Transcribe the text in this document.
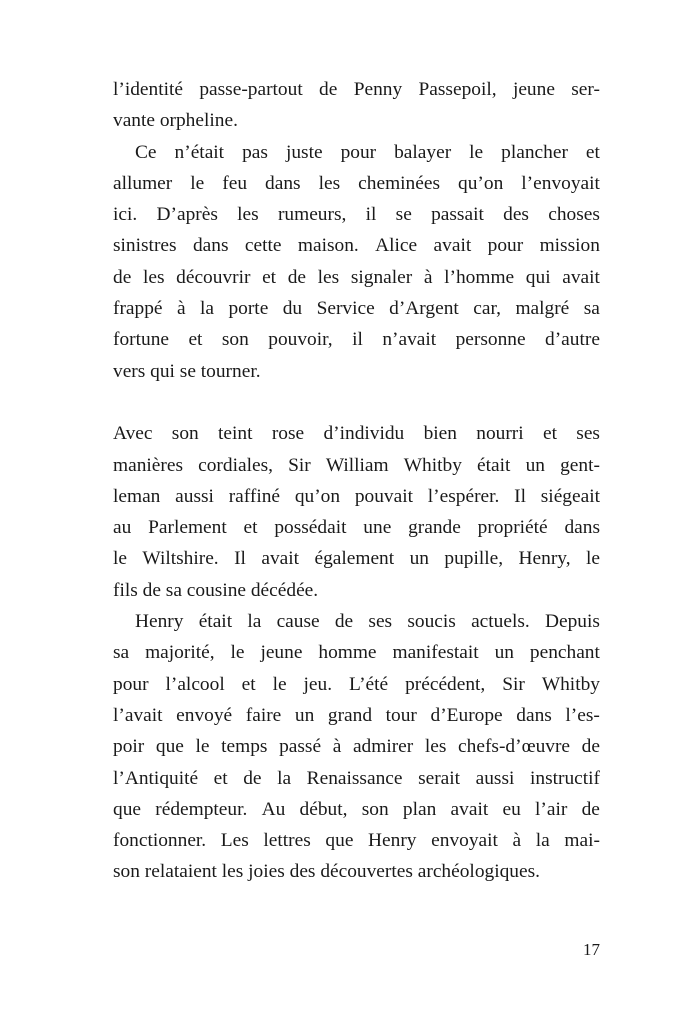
l’identité passe-partout de Penny Passepoil, jeune ser-
vante orpheline.
Ce n’était pas juste pour balayer le plancher et
allumer le feu dans les cheminées qu’on l’envoyait
ici. D’après les rumeurs, il se passait des choses
sinistres dans cette maison. Alice avait pour mission
de les découvrir et de les signaler à l’homme qui avait
frappé à la porte du Service d’Argent car, malgré sa
fortune et son pouvoir, il n’avait personne d’autre
vers qui se tourner.
Avec son teint rose d’individu bien nourri et ses
manières cordiales, Sir William Whitby était un gent-
leman aussi raffiné qu’on pouvait l’espérer. Il siégeait
au Parlement et possédait une grande propriété dans
le Wiltshire. Il avait également un pupille, Henry, le
fils de sa cousine décédée.
Henry était la cause de ses soucis actuels. Depuis
sa majorité, le jeune homme manifestait un penchant
pour l’alcool et le jeu. L’été précédent, Sir Whitby
l’avait envoyé faire un grand tour d’Europe dans l’es-
poir que le temps passé à admirer les chefs-d’œuvre de
l’Antiquité et de la Renaissance serait aussi instructif
que rédempteur. Au début, son plan avait eu l’air de
fonctionner. Les lettres que Henry envoyait à la mai-
son relataient les joies des découvertes archéologiques.
17
